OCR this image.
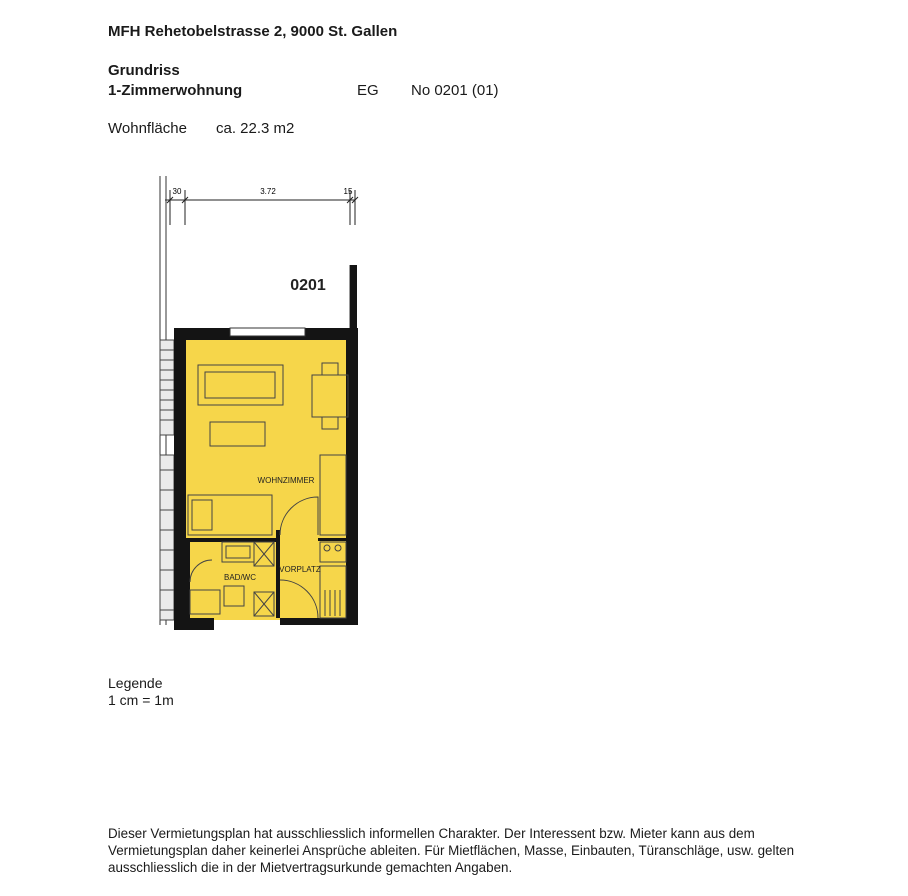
MFH Rehetobelstrasse 2, 9000 St. Gallen
Grundriss
1-Zimmerwohnung	EG No 0201 (01)
Wohnfläche ca. 22.3 m2
30	3.72	15
0201
WOHNZIMMER
BAD/WC
VORPLATZ
Legende
1 cm = 1m
Dieser Vermietungsplan hat ausschliesslich informellen Charakter. Der Interessent bzw. Mieter kann aus dem Vermietungsplan daher keinerlei Ansprüche ableiten. Für Mietflächen, Masse, Einbauten, Türanschläge, usw. gelten ausschliesslich die in der Mietvertragsurkunde gemachten Angaben.
